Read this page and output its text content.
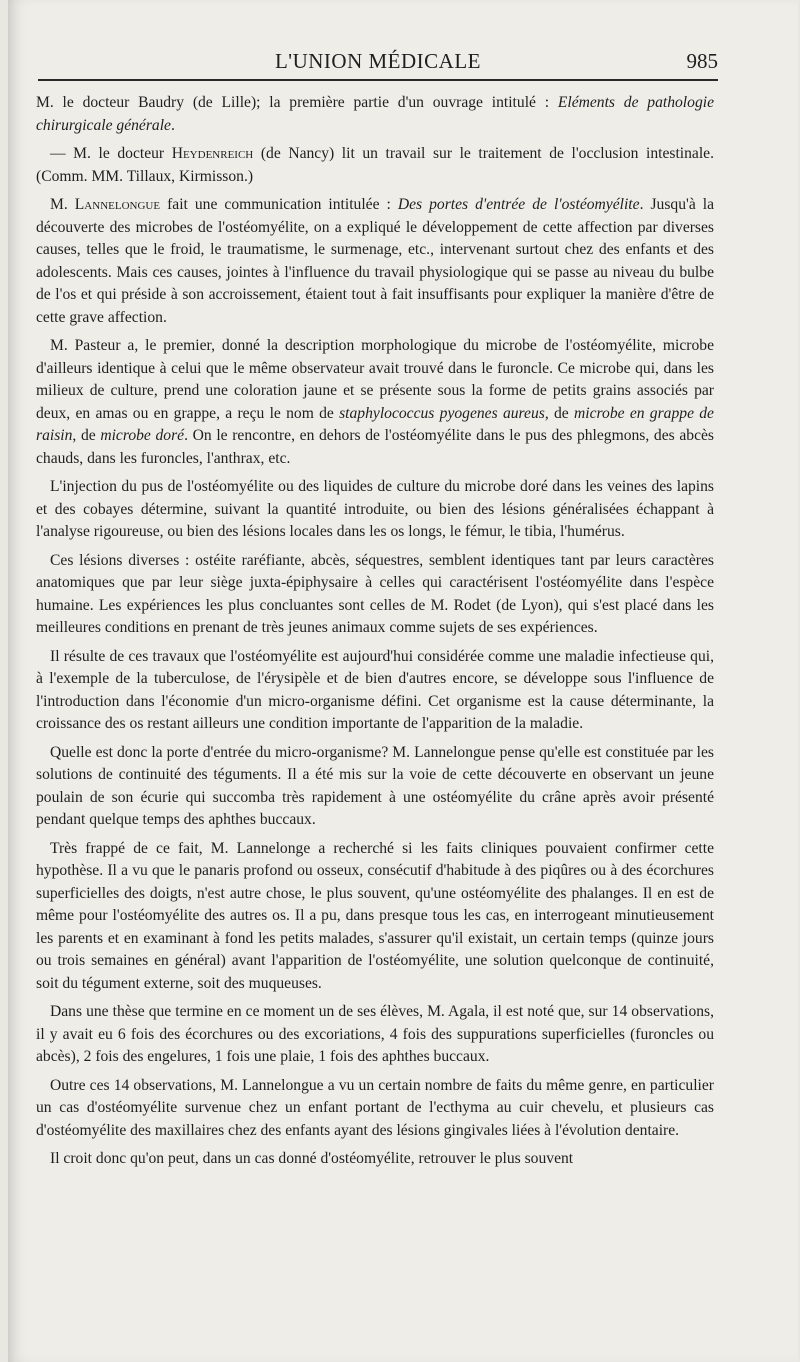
L'UNION MÉDICALE	985

M. le docteur Baudry (de Lille); la première partie d'un ouvrage intitulé : Eléments de pathologie chirurgicale générale.

— M. le docteur Heydenreich (de Nancy) lit un travail sur le traitement de l'occlusion intestinale. (Comm. MM. Tillaux, Kirmisson.)

M. Lannelongue fait une communication intitulée : Des portes d'entrée de l'ostéomyélite. Jusqu'à la découverte des microbes de l'ostéomyélite, on a expliqué le développement de cette affection par diverses causes, telles que le froid, le traumatisme, le surmenage, etc., intervenant surtout chez des enfants et des adolescents. Mais ces causes, jointes à l'influence du travail physiologique qui se passe au niveau du bulbe de l'os et qui préside à son accroissement, étaient tout à fait insuffisants pour expliquer la manière d'être de cette grave affection.

M. Pasteur a, le premier, donné la description morphologique du microbe de l'ostéomyélite, microbe d'ailleurs identique à celui que le même observateur avait trouvé dans le furoncle. Ce microbe qui, dans les milieux de culture, prend une coloration jaune et se présente sous la forme de petits grains associés par deux, en amas ou en grappe, a reçu le nom de staphylococcus pyogenes aureus, de microbe en grappe de raisin, de microbe doré. On le rencontre, en dehors de l'ostéomyélite dans le pus des phlegmons, des abcès chauds, dans les furoncles, l'anthrax, etc.

L'injection du pus de l'ostéomyélite ou des liquides de culture du microbe doré dans les veines des lapins et des cobayes détermine, suivant la quantité introduite, ou bien des lésions généralisées échappant à l'analyse rigoureuse, ou bien des lésions locales dans les os longs, le fémur, le tibia, l'humérus.

Ces lésions diverses : ostéite raréfiante, abcès, séquestres, semblent identiques tant par leurs caractères anatomiques que par leur siège juxta-épiphysaire à celles qui caractérisent l'ostéomyélite dans l'espèce humaine. Les expériences les plus concluantes sont celles de M. Rodet (de Lyon), qui s'est placé dans les meilleures conditions en prenant de très jeunes animaux comme sujets de ses expériences.

Il résulte de ces travaux que l'ostéomyélite est aujourd'hui considérée comme une maladie infectieuse qui, à l'exemple de la tuberculose, de l'érysipèle et de bien d'autres encore, se développe sous l'influence de l'introduction dans l'économie d'un micro-organisme défini. Cet organisme est la cause déterminante, la croissance des os restant ailleurs une condition importante de l'apparition de la maladie.

Quelle est donc la porte d'entrée du micro-organisme? M. Lannelongue pense qu'elle est constituée par les solutions de continuité des téguments. Il a été mis sur la voie de cette découverte en observant un jeune poulain de son écurie qui succomba très rapidement à une ostéomyélite du crâne après avoir présenté pendant quelque temps des aphthes buccaux.

Très frappé de ce fait, M. Lannelonge a recherché si les faits cliniques pouvaient confirmer cette hypothèse. Il a vu que le panaris profond ou osseux, consécutif d'habitude à des piqûres ou à des écorchures superficielles des doigts, n'est autre chose, le plus souvent, qu'une ostéomyélite des phalanges. Il en est de même pour l'ostéomyélite des autres os. Il a pu, dans presque tous les cas, en interrogeant minutieusement les parents et en examinant à fond les petits malades, s'assurer qu'il existait, un certain temps (quinze jours ou trois semaines en général) avant l'apparition de l'ostéomyélite, une solution quelconque de continuité, soit du tégument externe, soit des muqueuses.

Dans une thèse que termine en ce moment un de ses élèves, M. Agala, il est noté que, sur 14 observations, il y avait eu 6 fois des écorchures ou des excoriations, 4 fois des suppurations superficielles (furoncles ou abcès), 2 fois des engelures, 1 fois une plaie, 1 fois des aphthes buccaux.

Outre ces 14 observations, M. Lannelongue a vu un certain nombre de faits du même genre, en particulier un cas d'ostéomyélite survenue chez un enfant portant de l'ecthyma au cuir chevelu, et plusieurs cas d'ostéomyélite des maxillaires chez des enfants ayant des lésions gingivales liées à l'évolution dentaire.

Il croit donc qu'on peut, dans un cas donné d'ostéomyélite, retrouver le plus souvent
